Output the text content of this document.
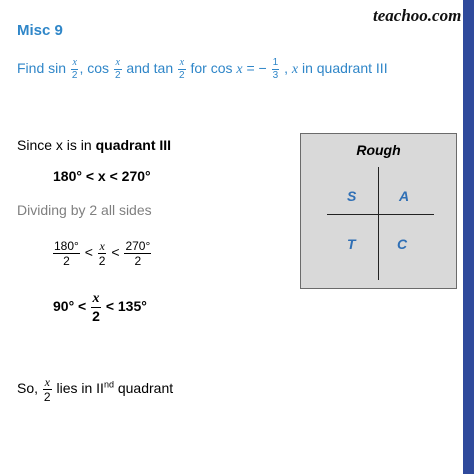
teachoo.com
Misc 9
Find $\sin \frac{x}{2}$ , $\cos \frac{x}{2}$ and $\tan \frac{x}{2}$ for cos x = − $\frac{1}{3}$ , x in quadrant III
Since x is in quadrant III
180° < x < 270°
Dividing by 2 all sides
$\frac{180^\circ}{2} < \frac{x}{2} < \frac{270^\circ}{2}$
$90^\circ < \frac{x}{2} < 135^\circ$
So, $\frac{x}{2}$ lies in IInd quadrant
Rough
S	A
T	C
